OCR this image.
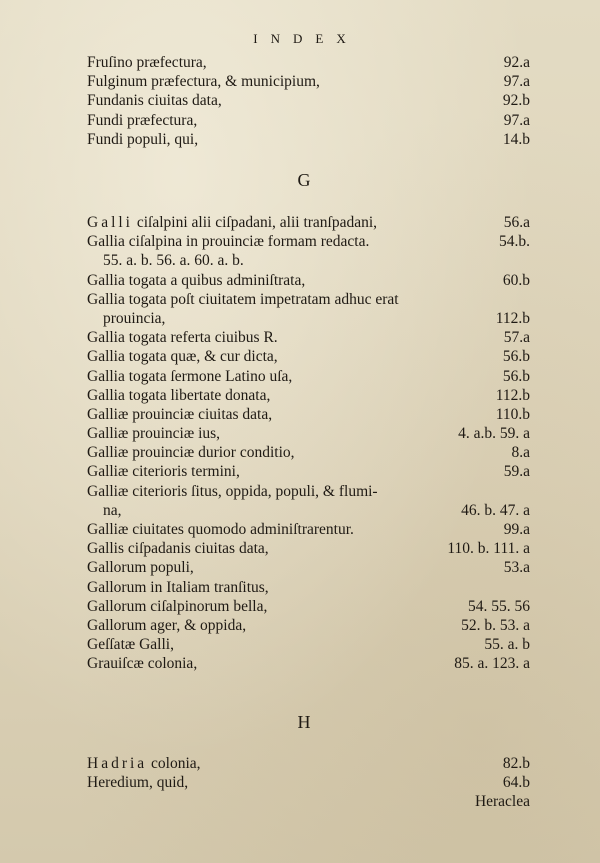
INDEX
Fruſino præfectura,	92.a
Fulginum præfectura, & municipium,	97.a
Fundanis ciuitas data,	92.b
Fundi præfectura,	97.a
Fundi populi, qui,	14.b
G
Galli ciſalpini alii ciſpadani, alii tranſpadani,	56.a
Gallia ciſalpina in prouinciæ formam redacta.	54.b.
55. a. b. 56. a. 60. a. b.
Gallia togata a quibus adminiſtrata,	60.b
Gallia togata poſt ciuitatem impetratam adhuc erat
prouincia,	112.b
Gallia togata referta ciuibus R.	57.a
Gallia togata quæ, & cur dicta,	56.b
Gallia togata ſermone Latino uſa,	56.b
Gallia togata libertate donata,	112.b
Galliæ prouinciæ ciuitas data,	110.b
Galliæ prouinciæ ius,	4. a.b. 59. a
Galliæ prouinciæ durior conditio,	8.a
Galliæ citerioris termini,	59.a
Galliæ citerioris ſitus, oppida, populi, & flumi-
na,	46. b. 47. a
Galliæ ciuitates quomodo adminiſtrarentur.	99.a
Gallis ciſpadanis ciuitas data,	110. b. 111. a
Gallorum populi,	53.a
Gallorum in Italiam tranſitus,
Gallorum ciſalpinorum bella,	54. 55. 56
Gallorum ager, & oppida,	52. b. 53. a
Geſſatæ Galli,	55. a. b
Grauiſcæ colonia,	85. a. 123. a
H
Hadria colonia,	82.b
Heredium, quid,	64.b
Heraclea
